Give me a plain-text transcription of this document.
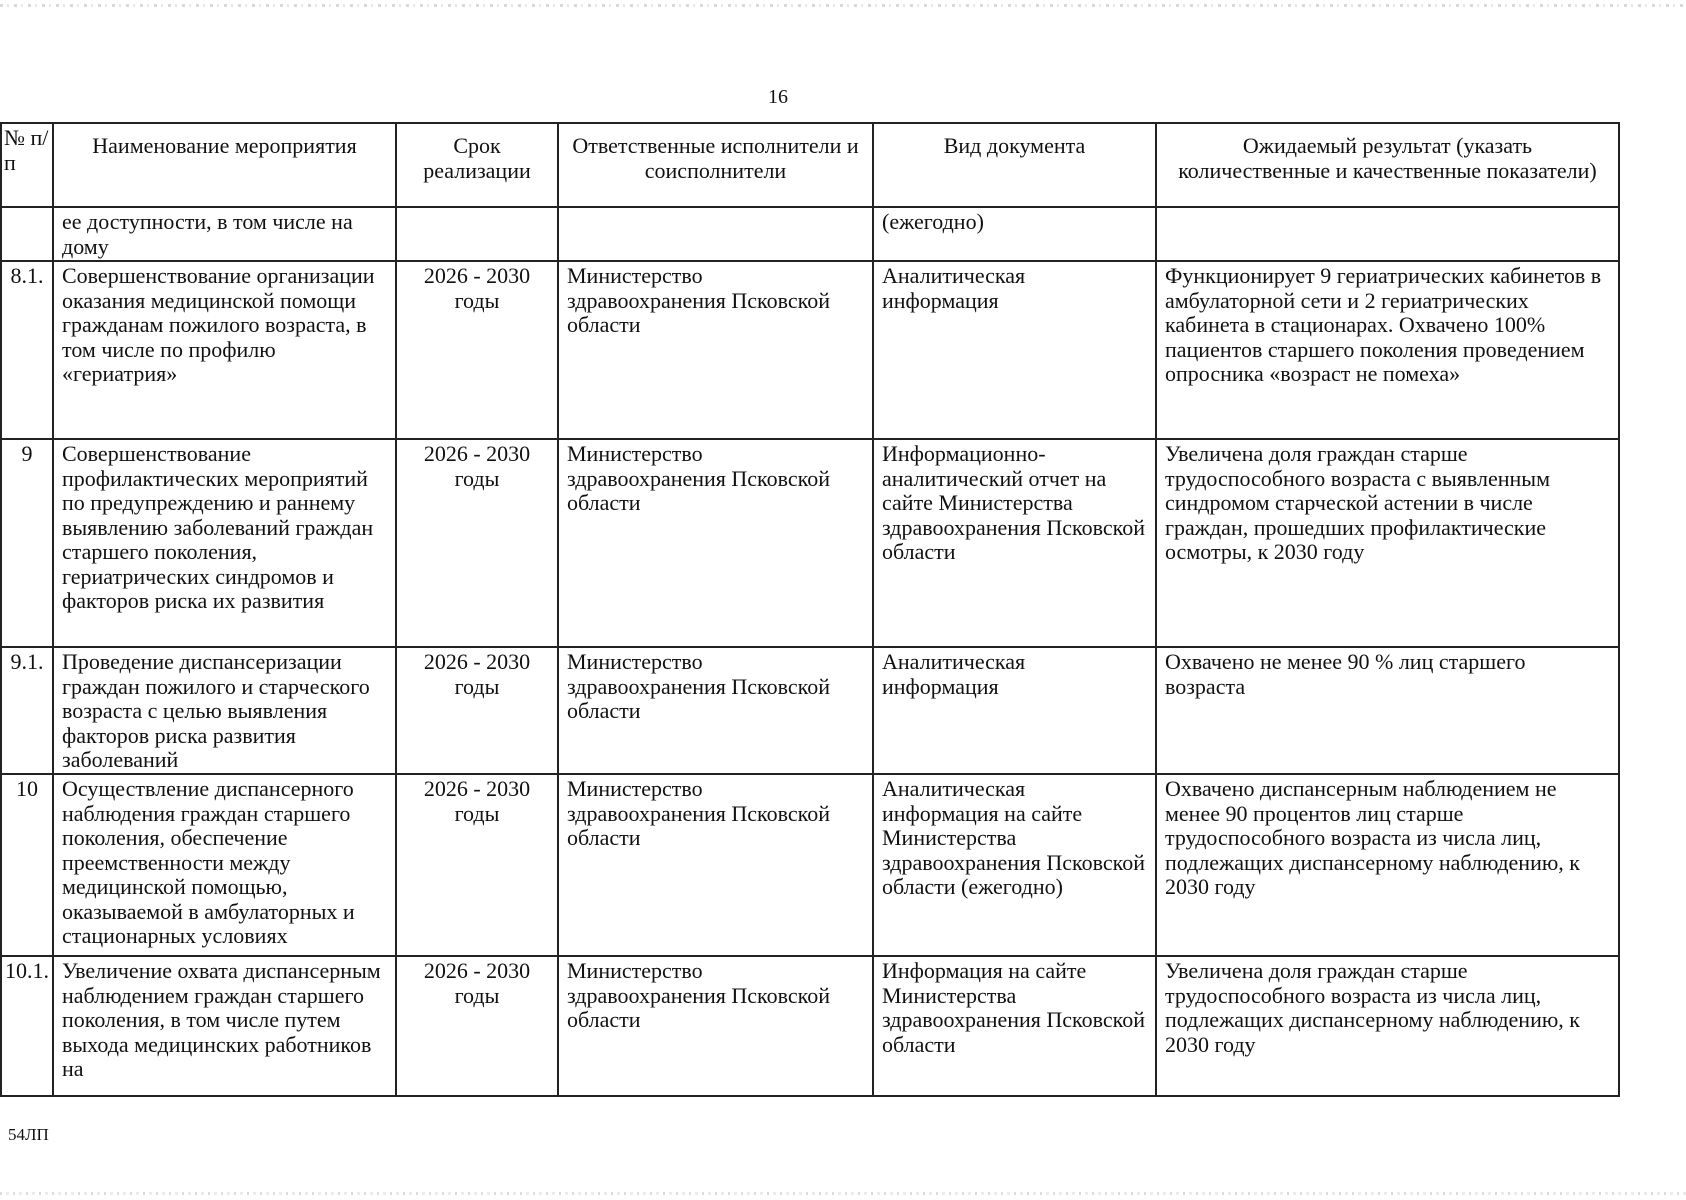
16
№ п/п	Наименование мероприятия	Срок реализации	Ответственные исполнители и соисполнители	Вид документа	Ожидаемый результат (указать количественные и качественные показатели)
	ее доступности, в том числе на дому			(ежегодно)	
8.1.	Совершенствование организации оказания медицинской помощи гражданам пожилого возраста, в том числе по профилю «гериатрия»	2026 - 2030 годы	Министерство здравоохранения Псковской области	Аналитическая информация	Функционирует 9 гериатрических кабинетов в амбулаторной сети и 2 гериатрических кабинета в стационарах. Охвачено 100% пациентов старшего поколения проведением опросника «возраст не помеха»
9	Совершенствование профилактических мероприятий по предупреждению и раннему выявлению заболеваний граждан старшего поколения, гериатрических синдромов и факторов риска их развития	2026 - 2030 годы	Министерство здравоохранения Псковской области	Информационно-аналитический отчет на сайте Министерства здравоохранения Псковской области	Увеличена доля граждан старше трудоспособного возраста с выявленным синдромом старческой астении в числе граждан, прошедших профилактические осмотры, к 2030 году
9.1.	Проведение диспансеризации граждан пожилого и старческого возраста с целью выявления факторов риска развития заболеваний	2026 - 2030 годы	Министерство здравоохранения Псковской области	Аналитическая информация	Охвачено не менее 90 % лиц старшего возраста
10	Осуществление диспансерного наблюдения граждан старшего поколения, обеспечение преемственности между медицинской помощью, оказываемой в амбулаторных и стационарных условиях	2026 - 2030 годы	Министерство здравоохранения Псковской области	Аналитическая информация на сайте Министерства здравоохранения Псковской области (ежегодно)	Охвачено диспансерным наблюдением не менее 90 процентов лиц старше трудоспособного возраста из числа лиц, подлежащих диспансерному наблюдению, к 2030 году
10.1.	Увеличение охвата диспансерным наблюдением граждан старшего поколения, в том числе путем выхода медицинских работников на	2026 - 2030 годы	Министерство здравоохранения Псковской области	Информация на сайте Министерства здравоохранения Псковской области	Увеличена доля граждан старше трудоспособного возраста из числа лиц, подлежащих диспансерному наблюдению, к 2030 году
54ЛП
